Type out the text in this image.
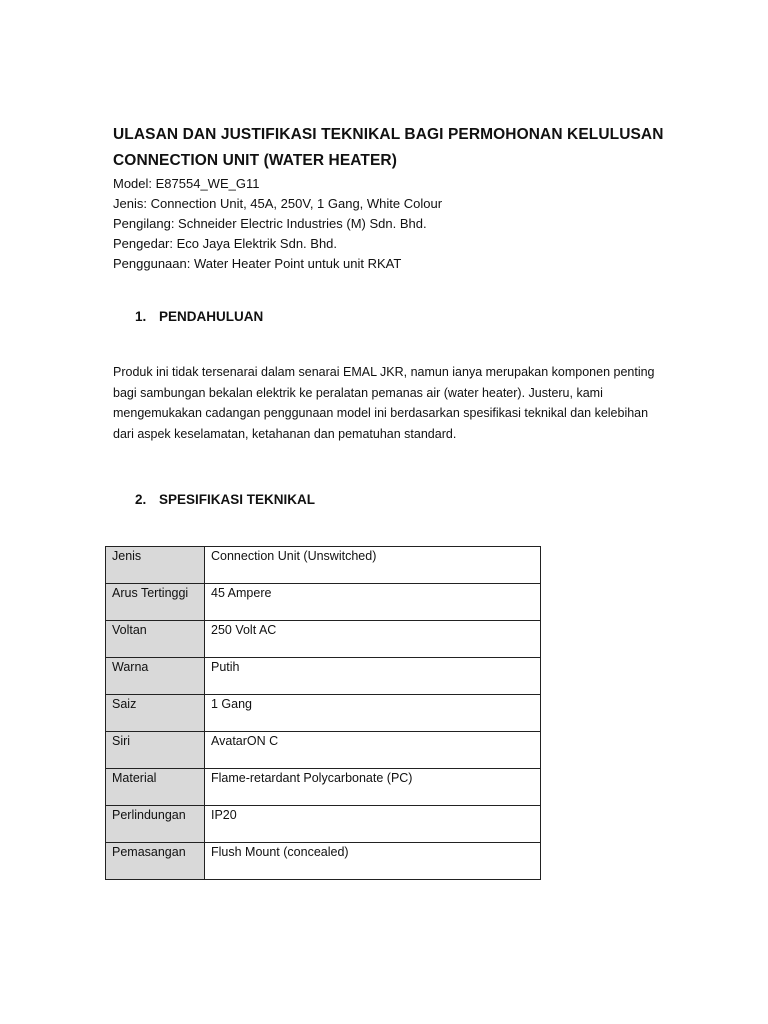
ULASAN DAN JUSTIFIKASI TEKNIKAL BAGI PERMOHONAN KELULUSAN
CONNECTION UNIT (WATER HEATER)
Model: E87554_WE_G11
Jenis: Connection Unit, 45A, 250V, 1 Gang, White Colour
Pengilang: Schneider Electric Industries (M) Sdn. Bhd.
Pengedar: Eco Jaya Elektrik Sdn. Bhd.
Penggunaan: Water Heater Point untuk unit RKAT
1. PENDAHULUAN

Produk ini tidak tersenarai dalam senarai EMAL JKR, namun ianya merupakan komponen penting bagi sambungan bekalan elektrik ke peralatan pemanas air (water heater). Justeru, kami mengemukakan cadangan penggunaan model ini berdasarkan spesifikasi teknikal dan kelebihan dari aspek keselamatan, ketahanan dan pematuhan standard.

2. SPESIFIKASI TEKNIKAL
Jenis	Connection Unit (Unswitched)
Arus Tertinggi	45 Ampere
Voltan	250 Volt AC
Warna	Putih
Saiz	1 Gang
Siri	AvatarON C
Material	Flame-retardant Polycarbonate (PC)
Perlindungan	IP20
Pemasangan	Flush Mount (concealed)
